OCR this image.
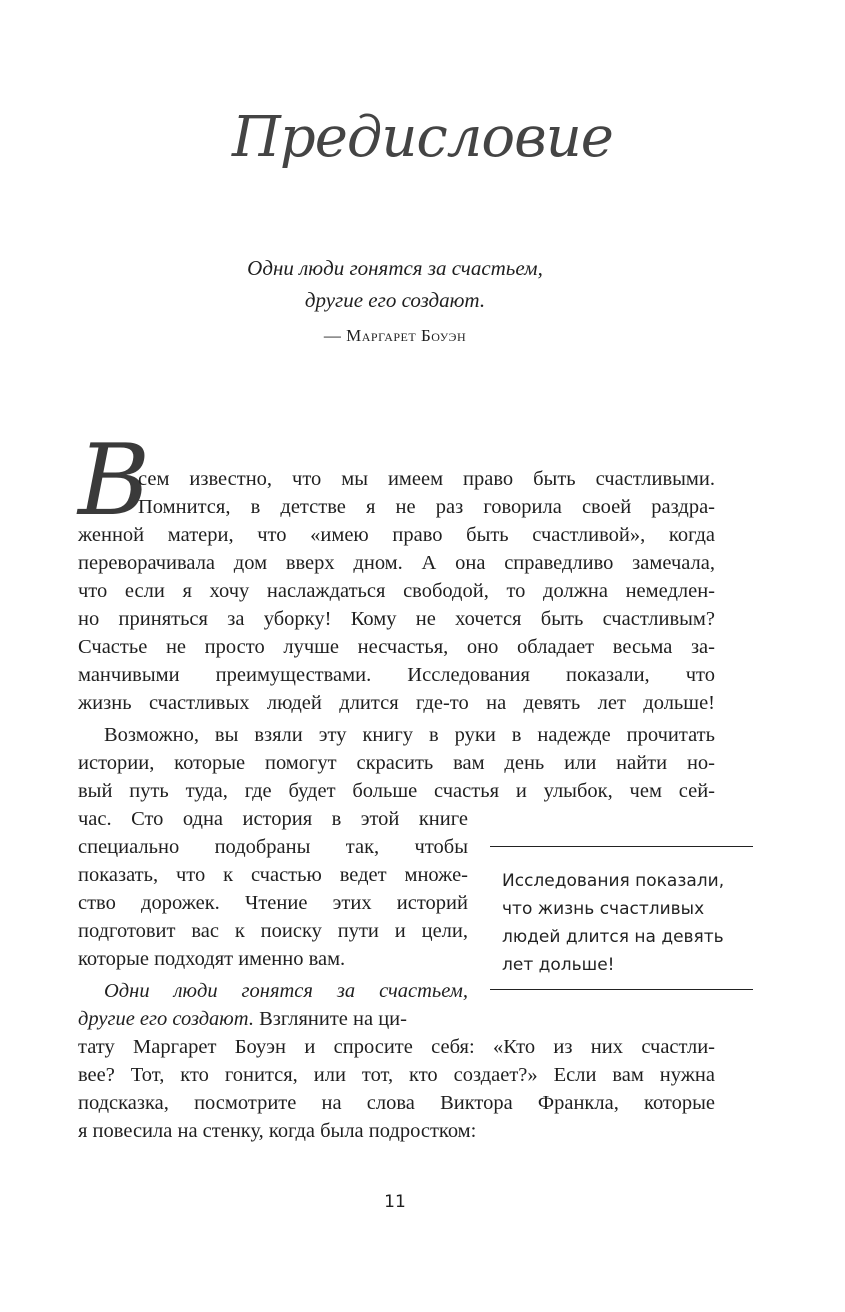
Предисловие
Одни люди гонятся за счастьем,
другие его создают.
— Маргарет Боуэн
В
сем известно, что мы имеем право быть счастливыми.
Помнится, в детстве я не раз говорила своей раздра-
женной матери, что «имею право быть счастливой», когда
переворачивала дом вверх дном. А она справедливо замечала,
что если я хочу наслаждаться свободой, то должна немедлен-
но приняться за уборку! Кому не хочется быть счастливым?
Счастье не просто лучше несчастья, оно обладает весьма за-
манчивыми преимуществами. Исследования показали, что
жизнь счастливых людей длится где-то на девять лет дольше!
Возможно, вы взяли эту книгу в руки в надежде прочитать
истории, которые помогут скрасить вам день или найти но-
вый путь туда, где будет больше счастья и улыбок, чем сей-
час. Сто одна история в этой книге
специально подобраны так, чтобы
показать, что к счастью ведет множе-
ство дорожек. Чтение этих историй
подготовит вас к поиску пути и цели,
которые подходят именно вам.
Одни люди гонятся за счастьем,
другие его создают. Взгляните на ци-
тату Маргарет Боуэн и спросите себя: «Кто из них счастли-
вее? Тот, кто гонится, или тот, кто создает?» Если вам нужна
подсказка, посмотрите на слова Виктора Франкла, которые
я повесила на стенку, когда была подростком:
Исследования показали, что жизнь счастливых людей длится на девять лет дольше!
11
